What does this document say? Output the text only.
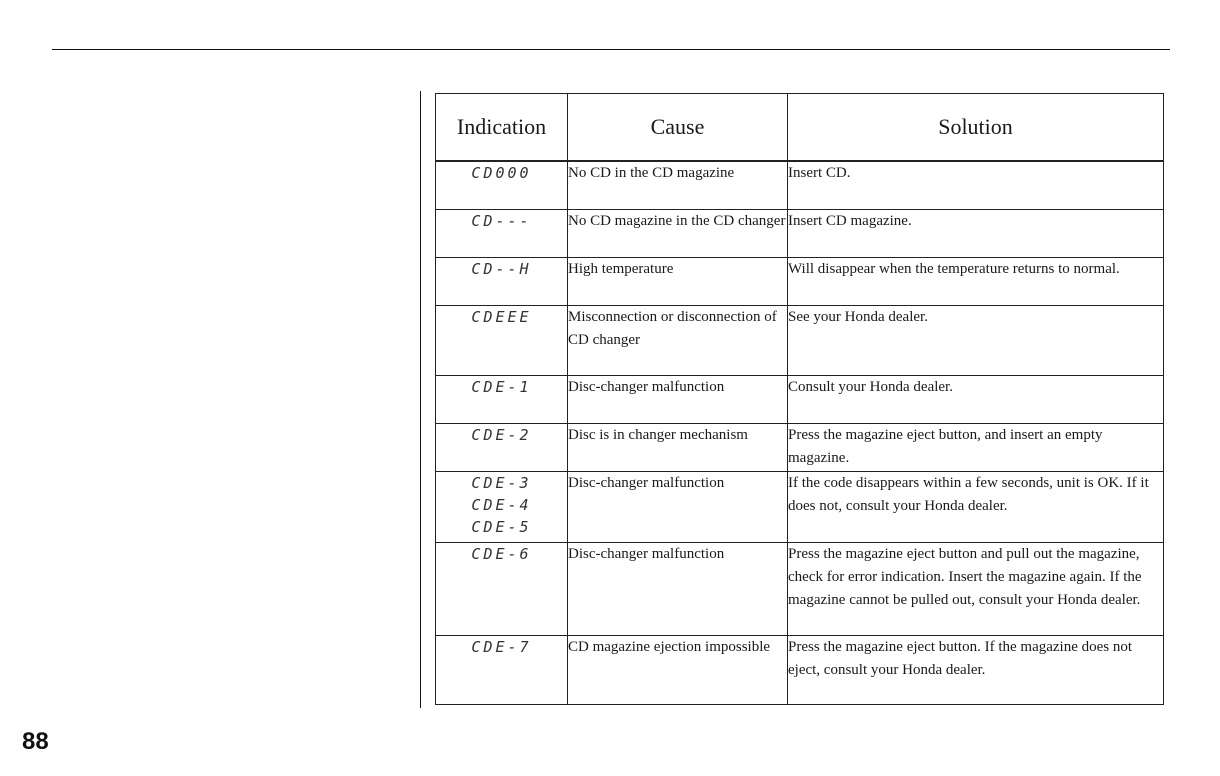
Indication	Cause	Solution

CD000	No CD in the CD magazine	Insert CD.

CD---	No CD magazine in the CD changer	Insert CD magazine.

CD--H	High temperature	Will disappear when the temperature returns to normal.

CDEEE	Misconnection or disconnection of CD changer	See your Honda dealer.

CDE-1	Disc-changer malfunction	Consult your Honda dealer.

CDE-2	Disc is in changer mechanism	Press the magazine eject button, and insert an empty magazine.

CDE-3
CDE-4
CDE-5	Disc-changer malfunction	If the code disappears within a few seconds, unit is OK. If it does not, consult your Honda dealer.

CDE-6	Disc-changer malfunction	Press the magazine eject button and pull out the magazine, check for error indication. Insert the magazine again. If the magazine cannot be pulled out, consult your Honda dealer.

CDE-7	CD magazine ejection impossible	Press the magazine eject button. If the magazine does not eject, consult your Honda dealer.
88
